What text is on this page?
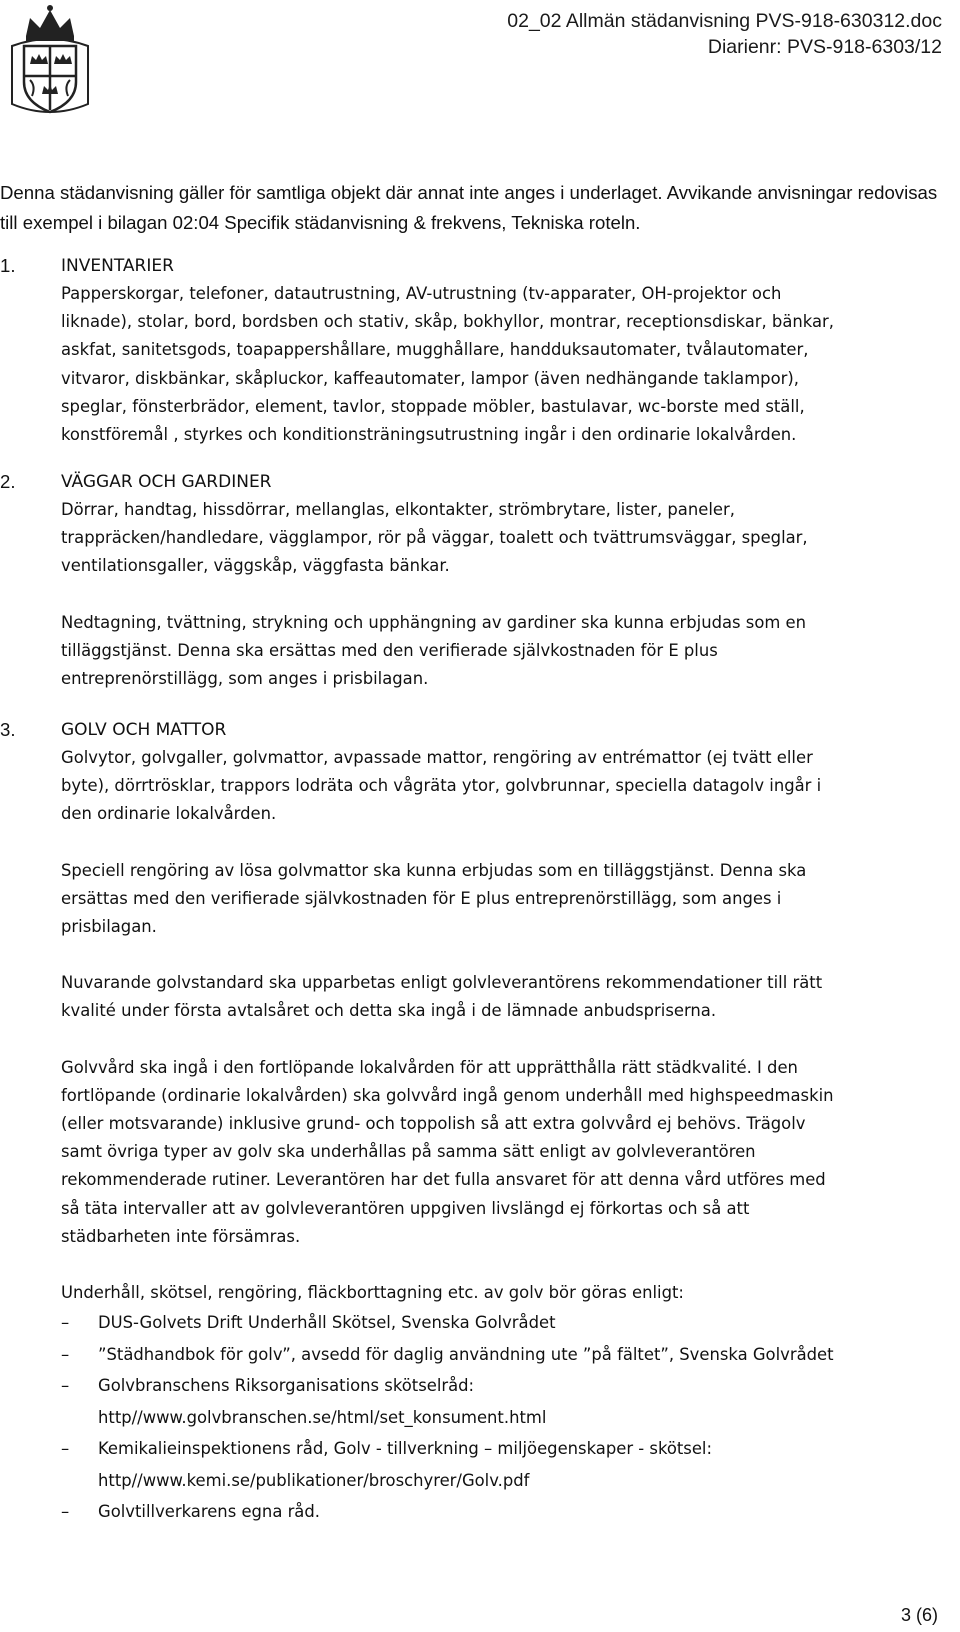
02_02 Allmän städanvisning PVS-918-630312.doc
Diarienr: PVS-918-6303/12
Denna städanvisning gäller för samtliga objekt där annat inte anges i underlaget. Avvikande anvisningar redovisas till exempel i bilagan 02:04 Specifik städanvisning & frekvens, Tekniska roteln.
1.	INVENTARIER
Papperskorgar, telefoner, datautrustning, AV-utrustning (tv-apparater, OH-projektor och
liknade), stolar, bord, bordsben och stativ, skåp, bokhyllor, montrar, receptionsdiskar, bänkar,
askfat, sanitetsgods, toapappershållare, mugghållare, handduksautomater, tvålautomater,
vitvaror, diskbänkar, skåpluckor, kaffeautomater, lampor (även nedhängande taklampor),
speglar, fönsterbrädor, element, tavlor, stoppade möbler, bastulavar, wc-borste med ställ,
konstföremål , styrkes och konditionsträningsutrustning ingår i den ordinarie lokalvården.
2.	VÄGGAR OCH GARDINER
Dörrar, handtag, hissdörrar, mellanglas, elkontakter, strömbrytare, lister, paneler,
trappräcken/handledare, vägglampor, rör på väggar, toalett och tvättrumsväggar, speglar,
ventilationsgaller, väggskåp, väggfasta bänkar.
Nedtagning, tvättning, strykning och upphängning av gardiner ska kunna erbjudas som en
tilläggstjänst. Denna ska ersättas med den verifierade självkostnaden för E plus
entreprenörstillägg, som anges i prisbilagan.
3.	GOLV OCH MATTOR
Golvytor, golvgaller, golvmattor, avpassade mattor, rengöring av entrémattor (ej tvätt eller
byte), dörrtrösklar, trappors lodräta och vågräta ytor, golvbrunnar, speciella datagolv ingår i
den ordinarie lokalvården.
Speciell rengöring av lösa golvmattor ska kunna erbjudas som en tilläggstjänst. Denna ska
ersättas med den verifierade självkostnaden för E plus entreprenörstillägg, som anges i
prisbilagan.
Nuvarande golvstandard ska upparbetas enligt golvleverantörens rekommendationer till rätt
kvalité under första avtalsåret och detta ska ingå i de lämnade anbudspriserna.
Golvvård ska ingå i den fortlöpande lokalvården för att upprätthålla rätt städkvalité. I den
fortlöpande (ordinarie lokalvården) ska golvvård ingå genom underhåll med highspeedmaskin
(eller motsvarande) inklusive grund- och toppolish så att extra golvvård ej behövs. Trägolv
samt övriga typer av golv ska underhållas på samma sätt enligt av golvleverantören
rekommenderade rutiner. Leverantören har det fulla ansvaret för att denna vård utföres med
så täta intervaller att av golvleverantören uppgiven livslängd ej förkortas och så att
städbarheten inte försämras.
Underhåll, skötsel, rengöring, fläckborttagning etc. av golv bör göras enligt:
–	DUS-Golvets Drift Underhåll Skötsel, Svenska Golvrådet
–	”Städhandbok för golv”, avsedd för daglig användning ute ”på fältet”, Svenska Golvrådet
–	Golvbranschens Riksorganisations skötselråd:
http//www.golvbranschen.se/html/set_konsument.html
–	Kemikalieinspektionens råd, Golv - tillverkning – miljöegenskaper - skötsel:
http//www.kemi.se/publikationer/broschyrer/Golv.pdf
–	Golvtillverkarens egna råd.
3 (6)
